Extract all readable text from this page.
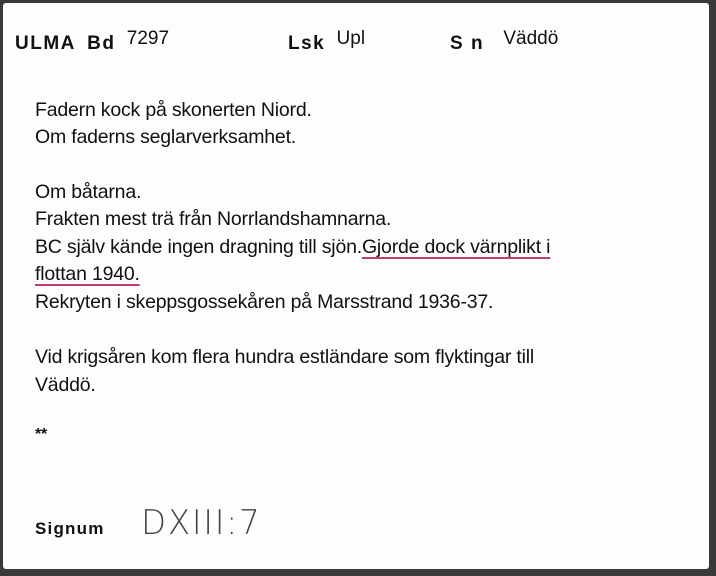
ULMA Bd 7297	Lsk Upl	S n Väddö
Fadern kock på skonerten Niord.
Om faderns seglarverksamhet.
Om båtarna.
Frakten mest trä från Norrlandshamnarna.
BC själv kände ingen dragning till sjön.Gjorde dock värnplikt i
flottan 1940.
Rekryten i skeppsgossekåren på Marsstrand 1936-37.
Vid krigsåren kom flera hundra estländare som flyktingar till
Väddö.
**
Signum DXIII:7
